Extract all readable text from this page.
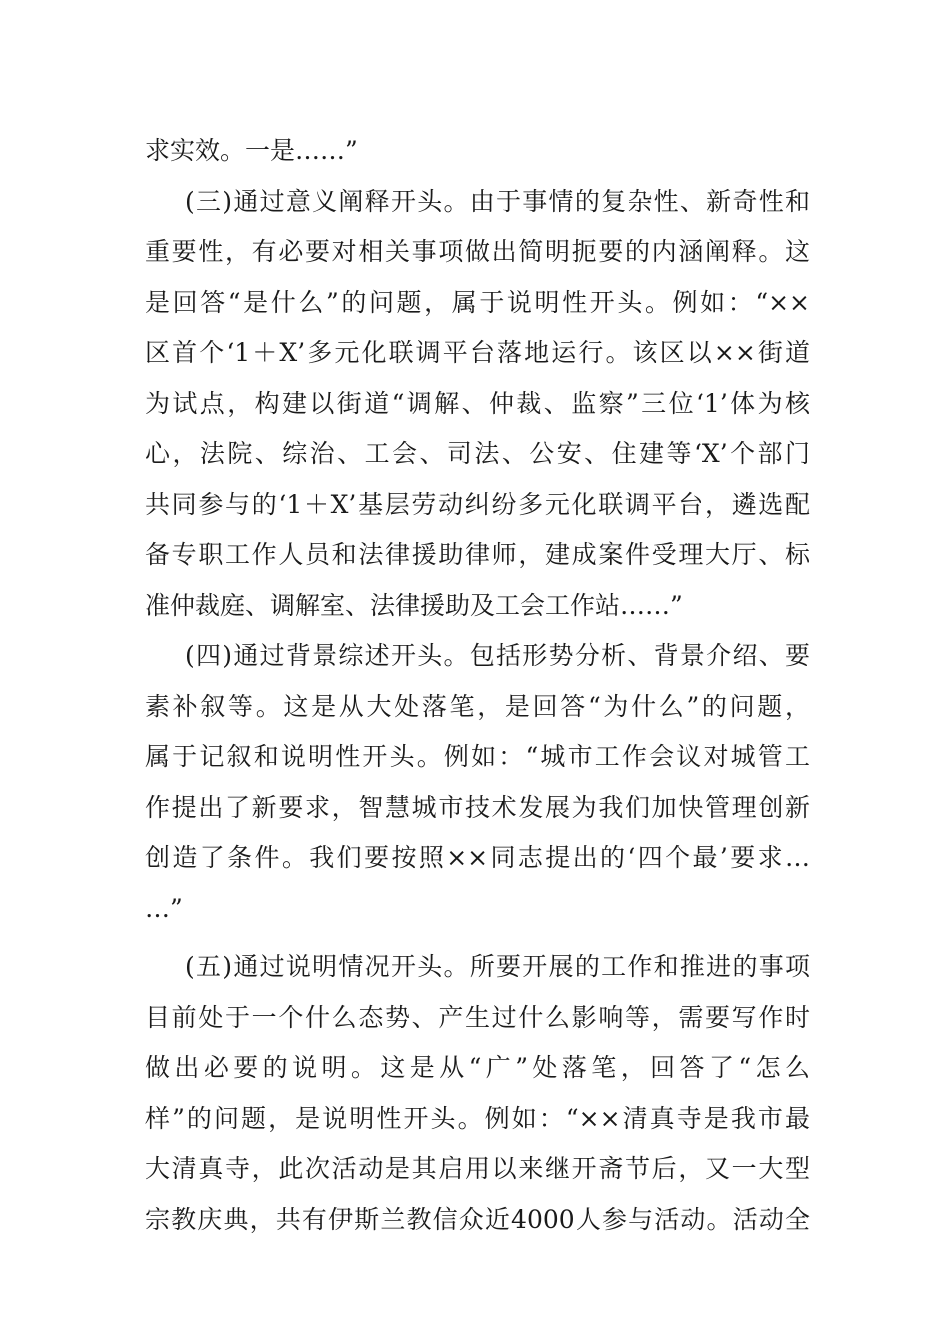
求实效。一是……”
(三)通过意义阐释开头。由于事情的复杂性、新奇性和
重要性，有必要对相关事项做出简明扼要的内涵阐释。这
是回答“是什么”的问题，属于说明性开头。例如：“××
区首个‘1＋X’多元化联调平台落地运行。该区以××街道
为试点，构建以街道“调解、仲裁、监察”三位‘1’体为核
心，法院、综治、工会、司法、公安、住建等‘X’个部门
共同参与的‘1＋X’基层劳动纠纷多元化联调平台，遴选配
备专职工作人员和法律援助律师，建成案件受理大厅、标
准仲裁庭、调解室、法律援助及工会工作站……”
(四)通过背景综述开头。包括形势分析、背景介绍、要
素补叙等。这是从大处落笔，是回答“为什么”的问题，
属于记叙和说明性开头。例如：“城市工作会议对城管工
作提出了新要求，智慧城市技术发展为我们加快管理创新
创造了条件。我们要按照××同志提出的‘四个最’要求…
…”
(五)通过说明情况开头。所要开展的工作和推进的事项
目前处于一个什么态势、产生过什么影响等，需要写作时
做出必要的说明。这是从“广”处落笔，回答了“怎么
样”的问题，是说明性开头。例如：“××清真寺是我市最
大清真寺，此次活动是其启用以来继开斋节后，又一大型
宗教庆典，共有伊斯兰教信众近4000人参与活动。活动全
